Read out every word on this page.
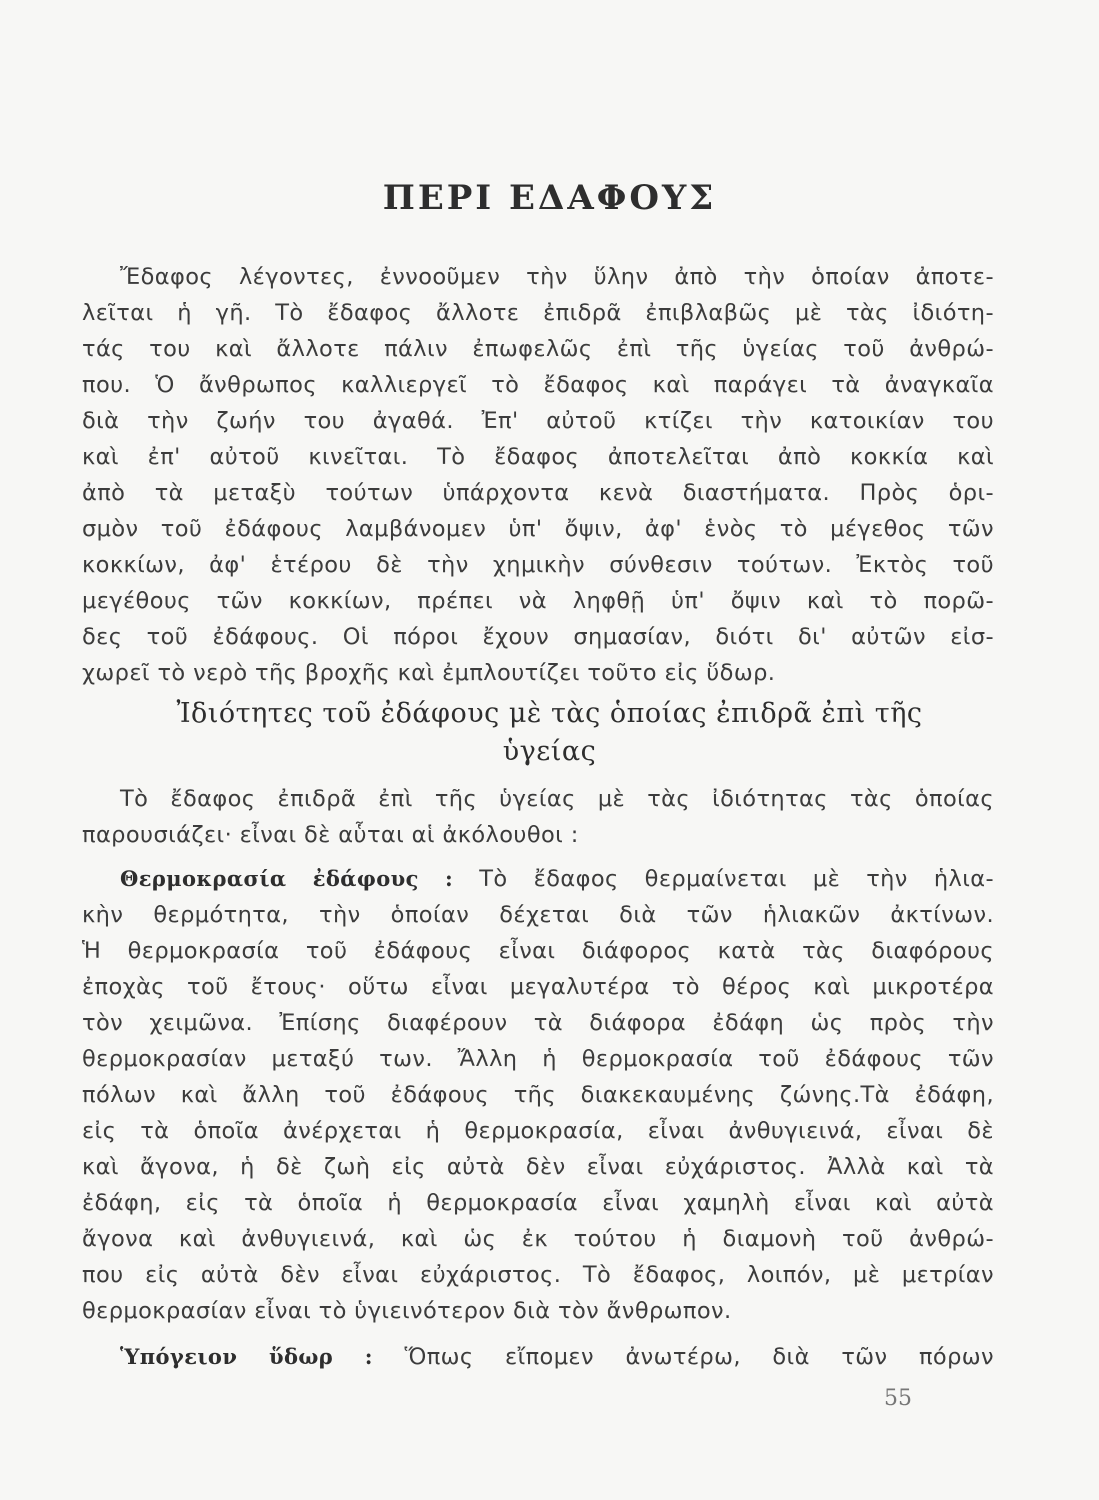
ΠΕΡΙ ΕΔΑΦΟΥΣ
Ἔδαφος λέγοντες, ἐννοοῦμεν τὴν ὕλην ἀπὸ τὴν ὁποίαν ἀποτε-
λεῖται ἡ γῆ. Τὸ ἔδαφος ἄλλοτε ἐπιδρᾶ ἐπιβλαβῶς μὲ τὰς ἰδιότη-
τάς του καὶ ἄλλοτε πάλιν ἐπωφελῶς ἐπὶ τῆς ὑγείας τοῦ ἀνθρώ-
που. Ὁ ἄνθρωπος καλλιεργεῖ τὸ ἔδαφος καὶ παράγει τὰ ἀναγκαῖα
διὰ τὴν ζωήν του ἀγαθά. Ἐπ' αὐτοῦ κτίζει τὴν κατοικίαν του
καὶ ἐπ' αὐτοῦ κινεῖται. Τὸ ἔδαφος ἀποτελεῖται ἀπὸ κοκκία καὶ
ἀπὸ τὰ μεταξὺ τούτων ὑπάρχοντα κενὰ διαστήματα. Πρὸς ὁρι-
σμὸν τοῦ ἐδάφους λαμβάνομεν ὑπ' ὄψιν, ἀφ' ἑνὸς τὸ μέγεθος τῶν
κοκκίων, ἀφ' ἑτέρου δὲ τὴν χημικὴν σύνθεσιν τούτων. Ἐκτὸς τοῦ
μεγέθους τῶν κοκκίων, πρέπει νὰ ληφθῇ ὑπ' ὄψιν καὶ τὸ πορῶ-
δες τοῦ ἐδάφους. Οἱ πόροι ἔχουν σημασίαν, διότι δι' αὐτῶν εἰσ-
χωρεῖ τὸ νερὸ τῆς βροχῆς καὶ ἐμπλουτίζει τοῦτο εἰς ὕδωρ.
Ἰδιότητες τοῦ ἐδάφους μὲ τὰς ὁποίας ἐπιδρᾶ ἐπὶ τῆς
ὑγείας
Τὸ ἔδαφος ἐπιδρᾶ ἐπὶ τῆς ὑγείας μὲ τὰς ἰδιότητας τὰς ὁποίας
παρουσιάζει· εἶναι δὲ αὗται αἱ ἀκόλουθοι :
Θερμοκρασία ἐδάφους : Τὸ ἔδαφος θερμαίνεται μὲ τὴν ἡλια-
κὴν θερμότητα, τὴν ὁποίαν δέχεται διὰ τῶν ἡλιακῶν ἀκτίνων.
Ἡ θερμοκρασία τοῦ ἐδάφους εἶναι διάφορος κατὰ τὰς διαφόρους
ἐποχὰς τοῦ ἔτους· οὕτω εἶναι μεγαλυτέρα τὸ θέρος καὶ μικροτέρα
τὸν χειμῶνα. Ἐπίσης διαφέρουν τὰ διάφορα ἐδάφη ὡς πρὸς τὴν
θερμοκρασίαν μεταξύ των. Ἄλλη ἡ θερμοκρασία τοῦ ἐδάφους τῶν
πόλων καὶ ἄλλη τοῦ ἐδάφους τῆς διακεκαυμένης ζώνης.Τὰ ἐδάφη,
εἰς τὰ ὁποῖα ἀνέρχεται ἡ θερμοκρασία, εἶναι ἀνθυγιεινά, εἶναι δὲ
καὶ ἄγονα, ἡ δὲ ζωὴ εἰς αὐτὰ δὲν εἶναι εὐχάριστος. Ἀλλὰ καὶ τὰ
ἐδάφη, εἰς τὰ ὁποῖα ἡ θερμοκρασία εἶναι χαμηλὴ εἶναι καὶ αὐτὰ
ἄγονα καὶ ἀνθυγιεινά, καὶ ὡς ἐκ τούτου ἡ διαμονὴ τοῦ ἀνθρώ-
που εἰς αὐτὰ δὲν εἶναι εὐχάριστος. Τὸ ἔδαφος, λοιπόν, μὲ μετρίαν
θερμοκρασίαν εἶναι τὸ ὑγιεινότερον διὰ τὸν ἄνθρωπον.
Ὑπόγειον ὕδωρ : Ὅπως εἴπομεν ἀνωτέρω, διὰ τῶν πόρων
55
